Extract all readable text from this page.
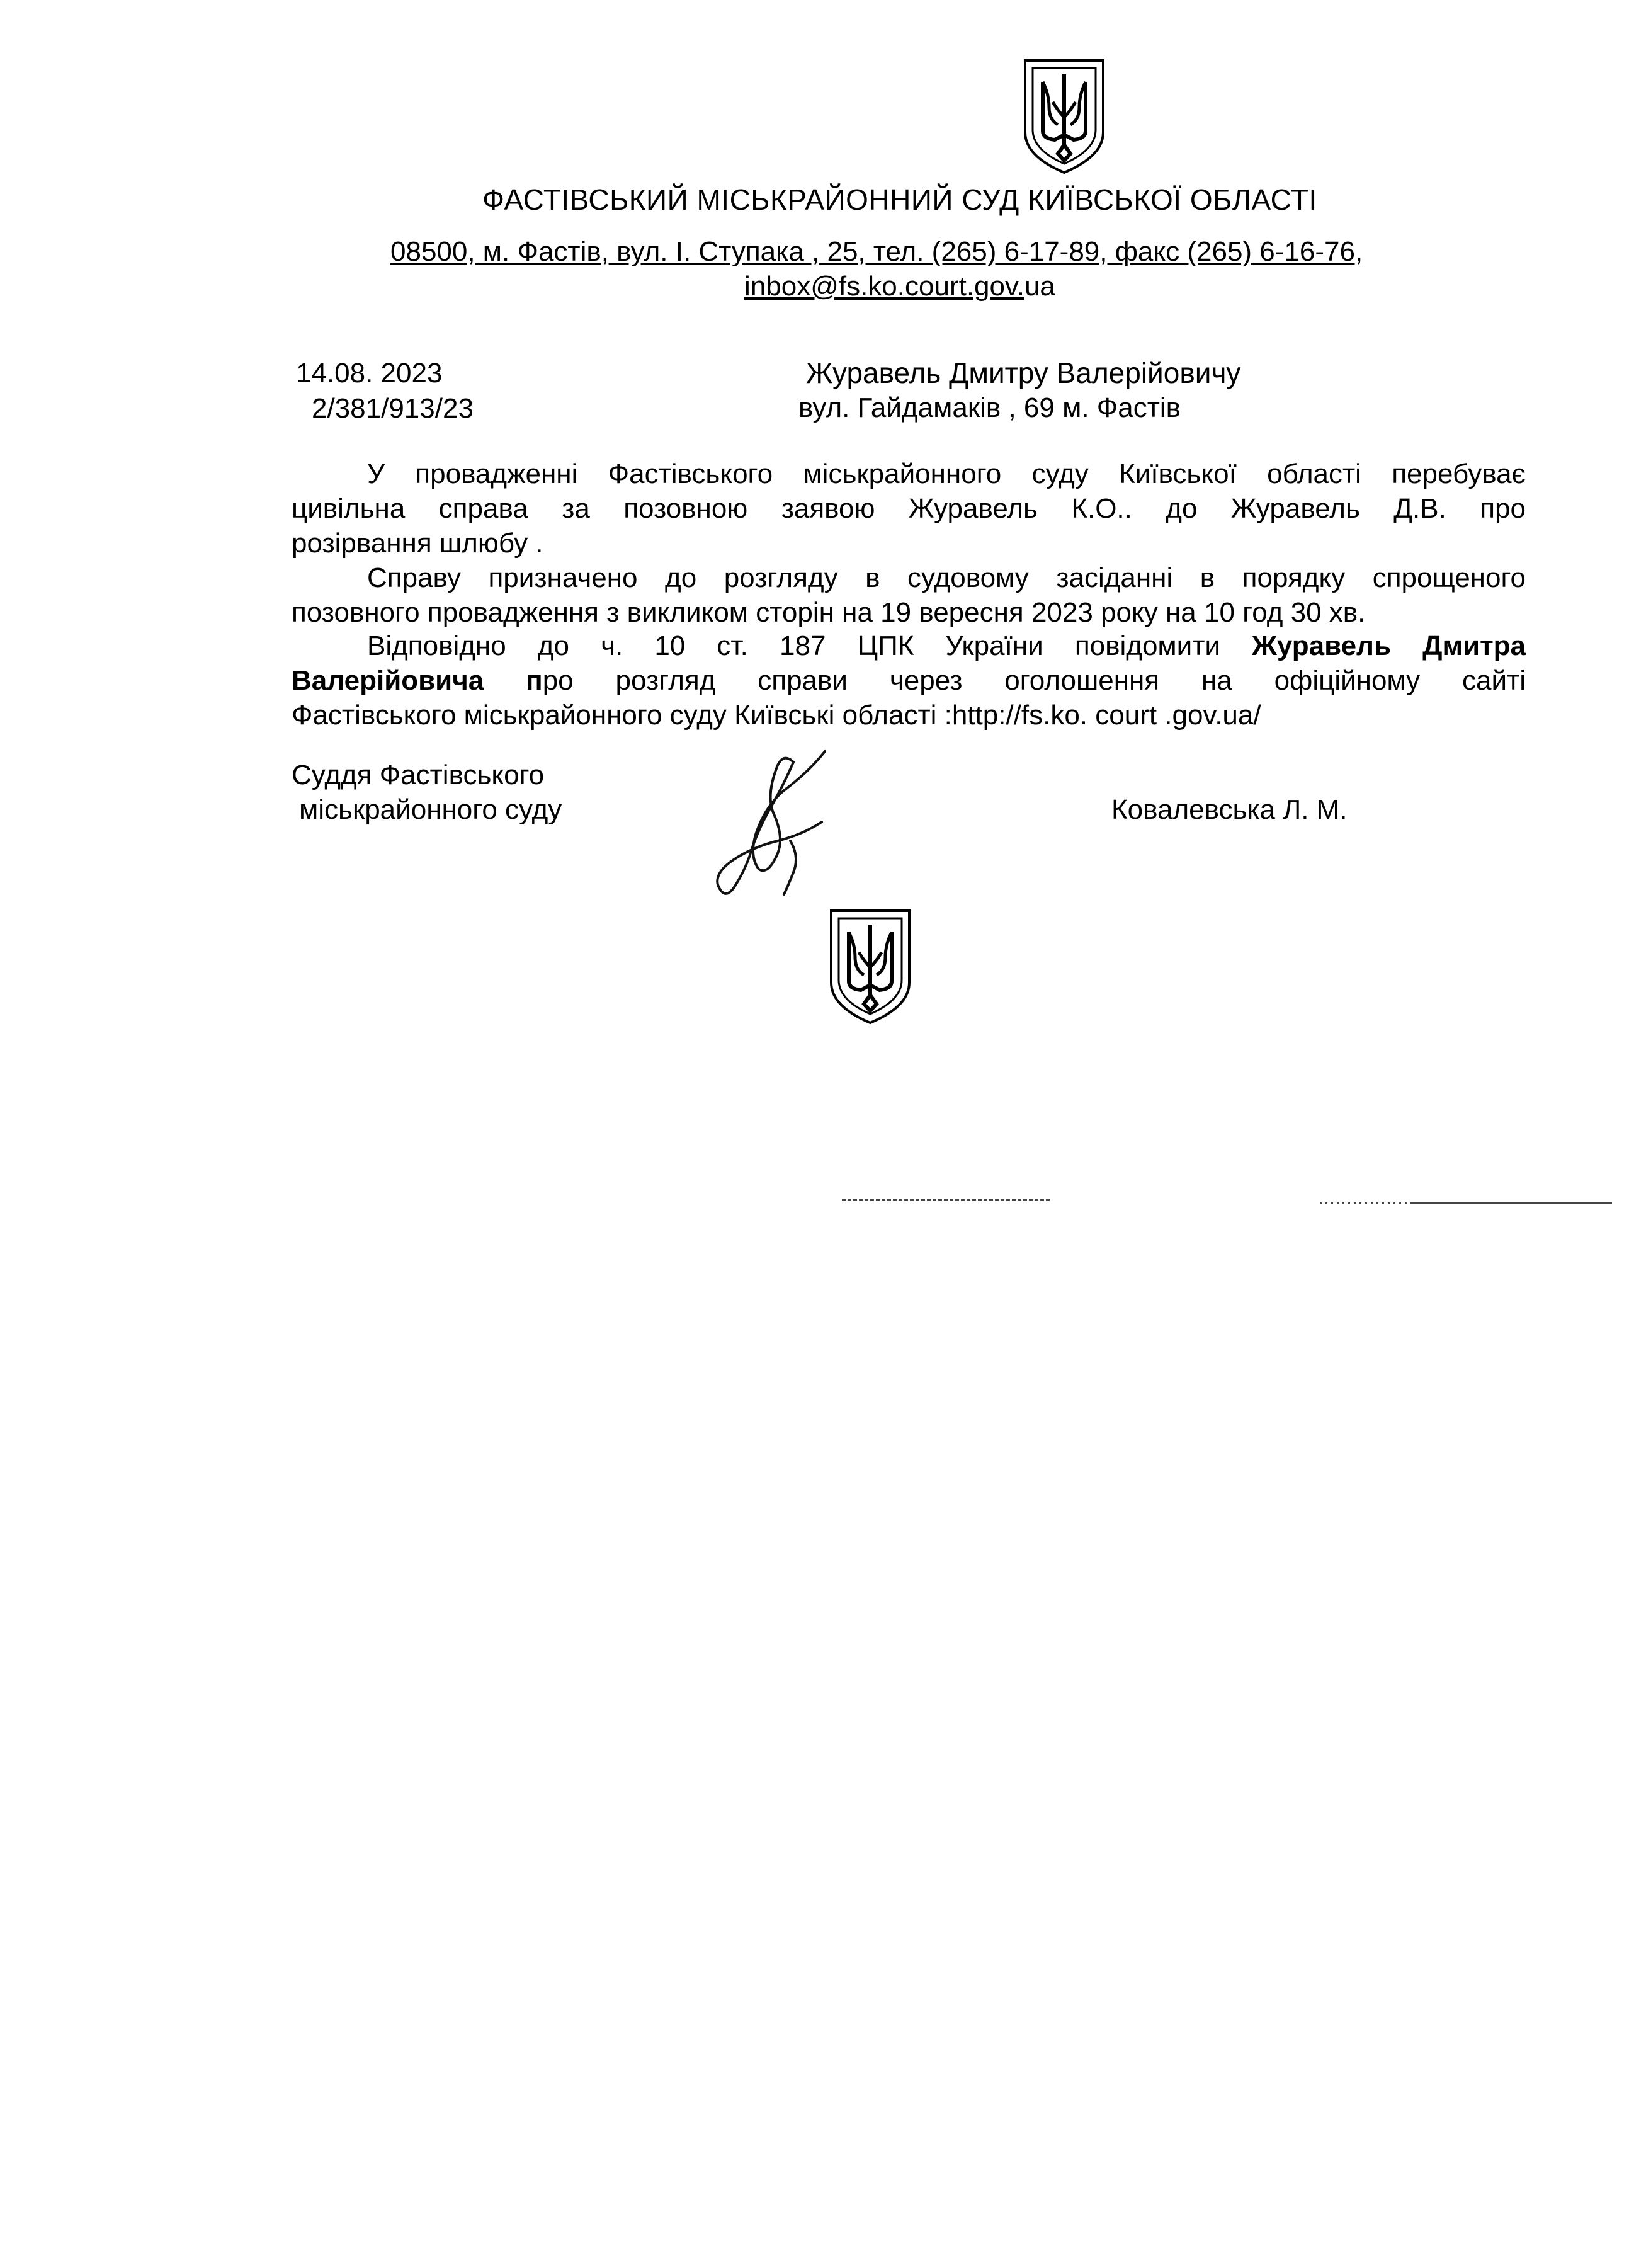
ФАСТІВСЬКИЙ МІСЬКРАЙОННИЙ СУД КИЇВСЬКОЇ ОБЛАСТІ
08500, м. Фастів, вул. І. Ступака , 25, тел. (265) 6-17-89, факс (265) 6-16-76,
inbox@fs.ko.court.gov.ua
14.08. 2023
2/381/913/23
Журавель Дмитру Валерійовичу
вул. Гайдамаків , 69 м. Фастів
У провадженні Фастівського міськрайонного суду Київської області перебуває
цивільна справа за позовною заявою Журавель К.О.. до Журавель Д.В. про
розірвання шлюбу .
Справу призначено до розгляду в судовому засіданні в порядку спрощеного
позовного провадження з викликом сторін на 19 вересня 2023 року на 10 год 30 хв.
Відповідно до ч. 10 ст. 187 ЦПК України повідомити Журавель Дмитра
Валерійовича про розгляд справи через оголошення на офіційному сайті
Фастівського міськрайонного суду Київські області :http://fs.ko. court .gov.ua/
Суддя Фастівського
міськрайонного суду	Ковалевська Л. М.
